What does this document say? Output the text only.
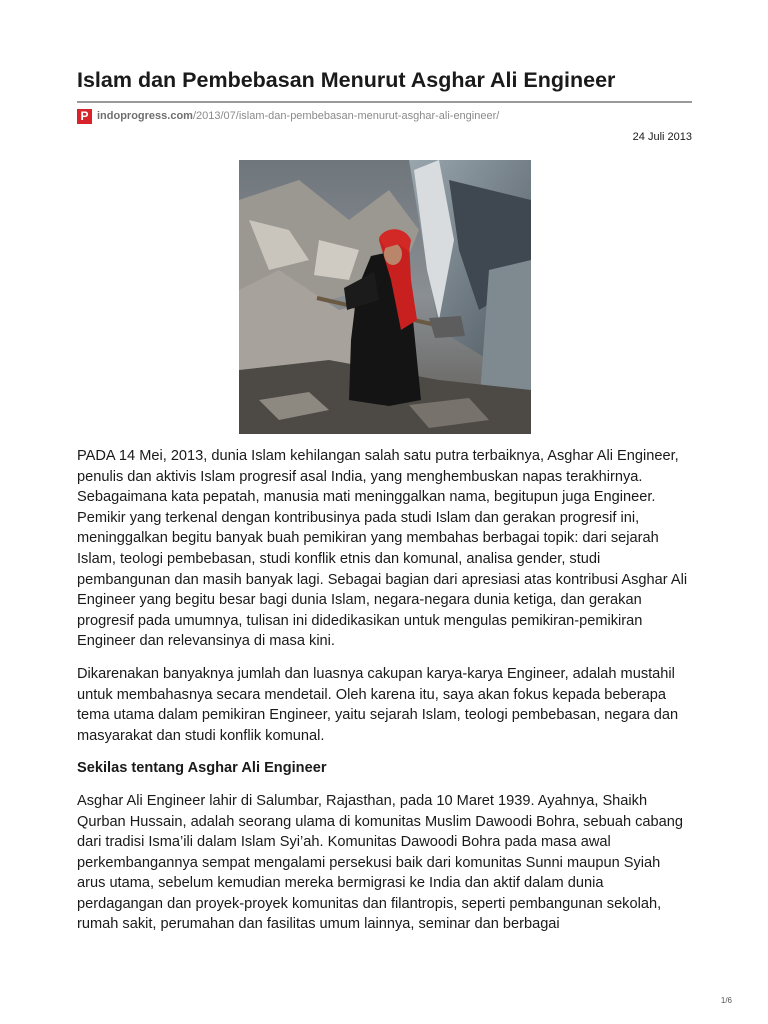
Islam dan Pembebasan Menurut Asghar Ali Engineer
P indoprogress.com/2013/07/islam-dan-pembebasan-menurut-asghar-ali-engineer/
24 Juli 2013

PADA 14 Mei, 2013, dunia Islam kehilangan salah satu putra terbaiknya, Asghar Ali Engineer, penulis dan aktivis Islam progresif asal India, yang menghembuskan napas terakhirnya. Sebagaimana kata pepatah, manusia mati meninggalkan nama, begitupun juga Engineer. Pemikir yang terkenal dengan kontribusinya pada studi Islam dan gerakan progresif ini, meninggalkan begitu banyak buah pemikiran yang membahas berbagai topik: dari sejarah Islam, teologi pembebasan, studi konflik etnis dan komunal, analisa gender, studi pembangunan dan masih banyak lagi. Sebagai bagian dari apresiasi atas kontribusi Asghar Ali Engineer yang begitu besar bagi dunia Islam, negara-negara dunia ketiga, dan gerakan progresif pada umumnya, tulisan ini didedikasikan untuk mengulas pemikiran-pemikiran Engineer dan relevansinya di masa kini.

Dikarenakan banyaknya jumlah dan luasnya cakupan karya-karya Engineer, adalah mustahil untuk membahasnya secara mendetail. Oleh karena itu, saya akan fokus kepada beberapa tema utama dalam pemikiran Engineer, yaitu sejarah Islam, teologi pembebasan, negara dan masyarakat dan studi konflik komunal.

Sekilas tentang Asghar Ali Engineer

Asghar Ali Engineer lahir di Salumbar, Rajasthan, pada 10 Maret 1939. Ayahnya, Shaikh Qurban Hussain, adalah seorang ulama di komunitas Muslim Dawoodi Bohra, sebuah cabang dari tradisi Isma’ili dalam Islam Syi’ah. Komunitas Dawoodi Bohra pada masa awal perkembangannya sempat mengalami persekusi baik dari komunitas Sunni maupun Syiah arus utama, sebelum kemudian mereka bermigrasi ke India dan aktif dalam dunia perdagangan dan proyek-proyek komunitas dan filantropis, seperti pembangunan sekolah, rumah sakit, perumahan dan fasilitas umum lainnya, seminar dan berbagai

1/6
